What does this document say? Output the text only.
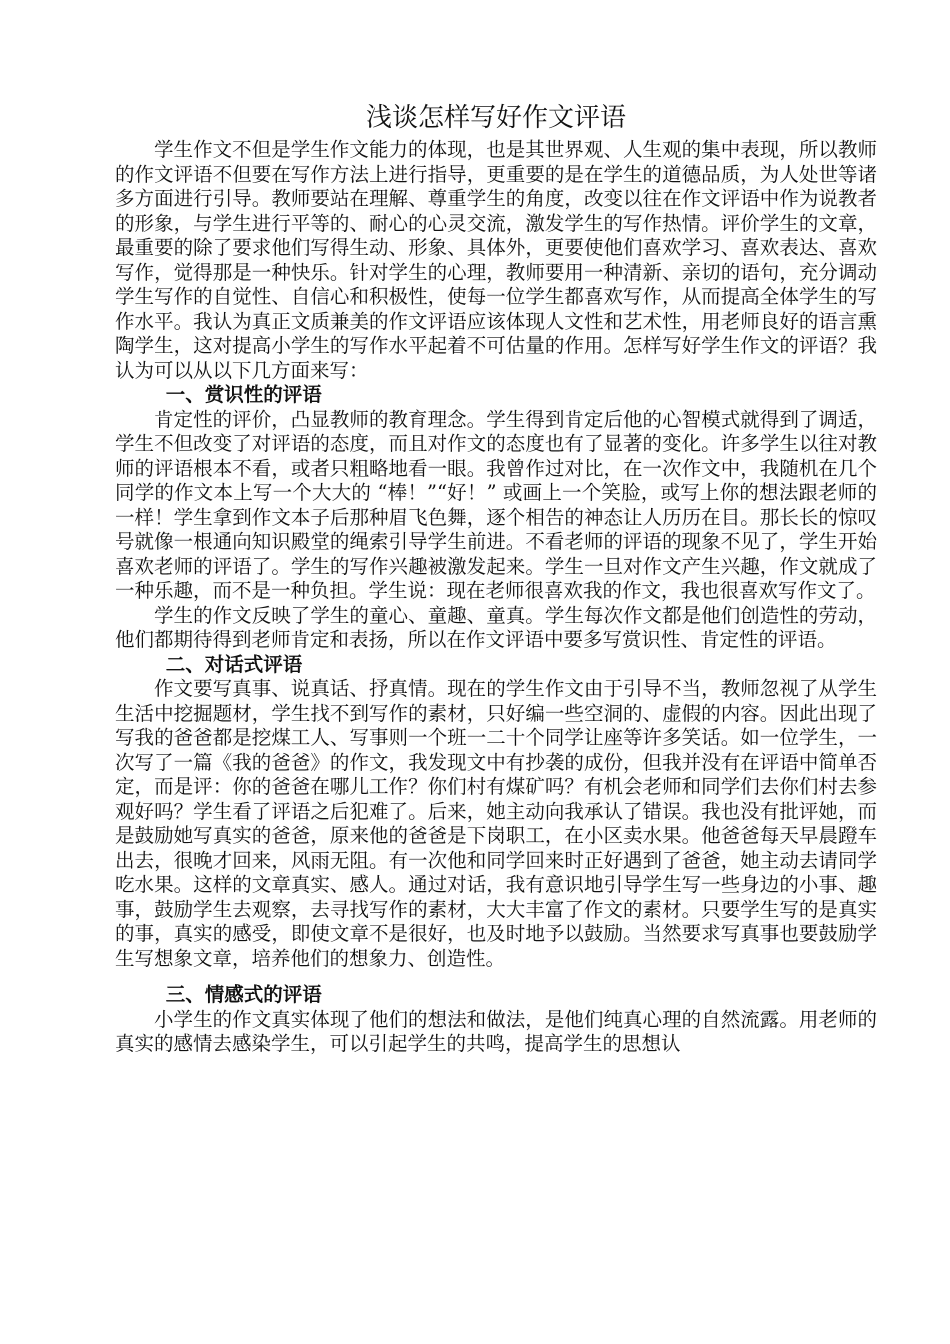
浅谈怎样写好作文评语

学生作文不但是学生作文能力的体现，也是其世界观、人生观的集中表现，所以教师的作文评语不但要在写作方法上进行指导，更重要的是在学生的道德品质，为人处世等诸多方面进行引导。教师要站在理解、尊重学生的角度，改变以往在作文评语中作为说教者的形象，与学生进行平等的、耐心的心灵交流，激发学生的写作热情。评价学生的文章，最重要的除了要求他们写得生动、形象、具体外，更要使他们喜欢学习、喜欢表达、喜欢写作，觉得那是一种快乐。针对学生的心理，教师要用一种清新、亲切的语句，充分调动学生写作的自觉性、自信心和积极性，使每一位学生都喜欢写作，从而提高全体学生的写作水平。我认为真正文质兼美的作文评语应该体现人文性和艺术性，用老师良好的语言熏陶学生，这对提高小学生的写作水平起着不可估量的作用。怎样写好学生作文的评语？我认为可以从以下几方面来写：

一、赏识性的评语

肯定性的评价，凸显教师的教育理念。学生得到肯定后他的心智模式就得到了调适，学生不但改变了对评语的态度，而且对作文的态度也有了显著的变化。许多学生以往对教师的评语根本不看，或者只粗略地看一眼。我曾作过对比，在一次作文中，我随机在几个同学的作文本上写一个大大的 “棒！”“好！” 或画上一个笑脸，或写上你的想法跟老师的一样！学生拿到作文本子后那种眉飞色舞，逐个相告的神态让人历历在目。那长长的惊叹号就像一根通向知识殿堂的绳索引导学生前进。不看老师的评语的现象不见了，学生开始喜欢老师的评语了。学生的写作兴趣被激发起来。学生一旦对作文产生兴趣，作文就成了一种乐趣，而不是一种负担。学生说：现在老师很喜欢我的作文，我也很喜欢写作文了。

学生的作文反映了学生的童心、童趣、童真。学生每次作文都是他们创造性的劳动，他们都期待得到老师肯定和表扬，所以在作文评语中要多写赏识性、肯定性的评语。

二、对话式评语

作文要写真事、说真话、抒真情。现在的学生作文由于引导不当，教师忽视了从学生生活中挖掘题材，学生找不到写作的素材，只好编一些空洞的、虚假的内容。因此出现了写我的爸爸都是挖煤工人、写事则一个班一二十个同学让座等许多笑话。如一位学生，一次写了一篇《我的爸爸》的作文，我发现文中有抄袭的成份，但我并没有在评语中简单否定，而是评：你的爸爸在哪儿工作？你们村有煤矿吗？有机会老师和同学们去你们村去参观好吗？学生看了评语之后犯难了。后来，她主动向我承认了错误。我也没有批评她，而是鼓励她写真实的爸爸，原来他的爸爸是下岗职工，在小区卖水果。他爸爸每天早晨蹬车出去，很晚才回来，风雨无阻。有一次他和同学回来时正好遇到了爸爸，她主动去请同学吃水果。这样的文章真实、感人。通过对话，我有意识地引导学生写一些身边的小事、趣事，鼓励学生去观察，去寻找写作的素材，大大丰富了作文的素材。只要学生写的是真实的事，真实的感受，即使文章不是很好，也及时地予以鼓励。当然要求写真事也要鼓励学生写想象文章，培养他们的想象力、创造性。

三、情感式的评语

小学生的作文真实体现了他们的想法和做法，是他们纯真心理的自然流露。用老师的真实的感情去感染学生，可以引起学生的共鸣，提高学生的思想认
